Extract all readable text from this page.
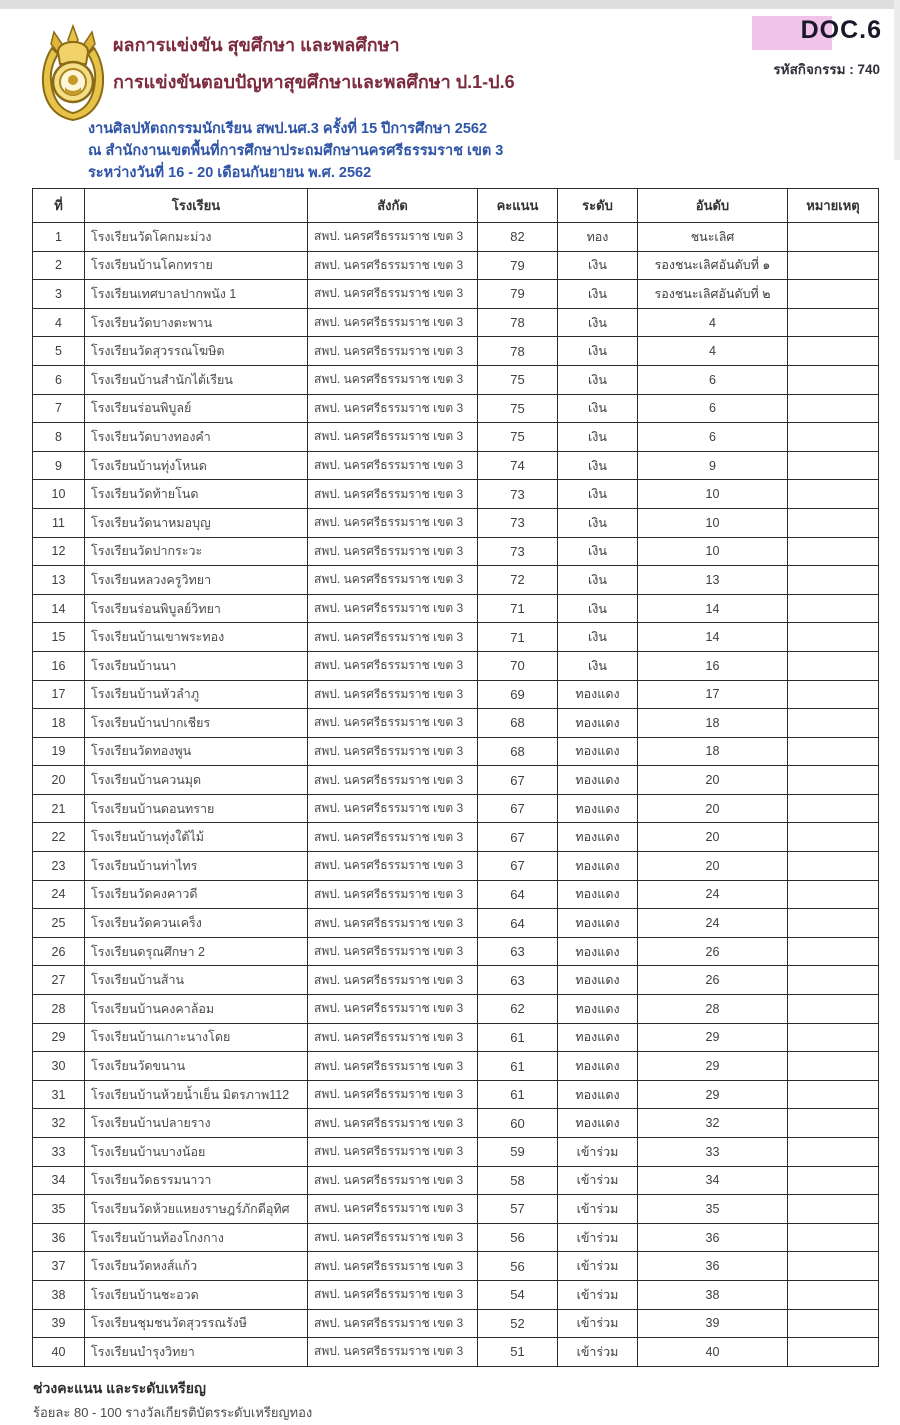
ผลการแข่งขัน สุขศึกษา และพลศึกษา

การแข่งขันตอบปัญหาสุขศึกษาและพลศึกษา ป.1-ป.6

งานศิลปหัตถกรรมนักเรียน สพป.นศ.3 ครั้งที่ 15 ปีการศึกษา 2562
ณ สำนักงานเขตพื้นที่การศึกษาประถมศึกษานครศรีธรรมราช เขต 3
ระหว่างวันที่ 16 - 20 เดือนกันยายน พ.ศ. 2562
DOC.6
รหัสกิจกรรม : 740
ที่	โรงเรียน	สังกัด	คะแนน	ระดับ	อันดับ	หมายเหตุ
1	โรงเรียนวัดโคกมะม่วง	สพป. นครศรีธรรมราช เขต 3	82	ทอง	ชนะเลิศ	
2	โรงเรียนบ้านโคกทราย	สพป. นครศรีธรรมราช เขต 3	79	เงิน	รองชนะเลิศอันดับที่ ๑	
3	โรงเรียนเทศบาลปากพนัง 1	สพป. นครศรีธรรมราช เขต 3	79	เงิน	รองชนะเลิศอันดับที่ ๒	
4	โรงเรียนวัดบางตะพาน	สพป. นครศรีธรรมราช เขต 3	78	เงิน	4	
5	โรงเรียนวัดสุวรรณโฆษิต	สพป. นครศรีธรรมราช เขต 3	78	เงิน	4	
6	โรงเรียนบ้านสำนักไต้เรียน	สพป. นครศรีธรรมราช เขต 3	75	เงิน	6	
7	โรงเรียนร่อนพิบูลย์	สพป. นครศรีธรรมราช เขต 3	75	เงิน	6	
8	โรงเรียนวัดบางทองคำ	สพป. นครศรีธรรมราช เขต 3	75	เงิน	6	
9	โรงเรียนบ้านทุ่งโหนด	สพป. นครศรีธรรมราช เขต 3	74	เงิน	9	
10	โรงเรียนวัดท้ายโนด	สพป. นครศรีธรรมราช เขต 3	73	เงิน	10	
11	โรงเรียนวัดนาหมอบุญ	สพป. นครศรีธรรมราช เขต 3	73	เงิน	10	
12	โรงเรียนวัดปากระวะ	สพป. นครศรีธรรมราช เขต 3	73	เงิน	10	
13	โรงเรียนหลวงครูวิทยา	สพป. นครศรีธรรมราช เขต 3	72	เงิน	13	
14	โรงเรียนร่อนพิบูลย์วิทยา	สพป. นครศรีธรรมราช เขต 3	71	เงิน	14	
15	โรงเรียนบ้านเขาพระทอง	สพป. นครศรีธรรมราช เขต 3	71	เงิน	14	
16	โรงเรียนบ้านนา	สพป. นครศรีธรรมราช เขต 3	70	เงิน	16	
17	โรงเรียนบ้านหัวลำภู	สพป. นครศรีธรรมราช เขต 3	69	ทองแดง	17	
18	โรงเรียนบ้านปากเชียร	สพป. นครศรีธรรมราช เขต 3	68	ทองแดง	18	
19	โรงเรียนวัดทองพูน	สพป. นครศรีธรรมราช เขต 3	68	ทองแดง	18	
20	โรงเรียนบ้านควนมุด	สพป. นครศรีธรรมราช เขต 3	67	ทองแดง	20	
21	โรงเรียนบ้านดอนทราย	สพป. นครศรีธรรมราช เขต 3	67	ทองแดง	20	
22	โรงเรียนบ้านทุ่งใต้ไม้	สพป. นครศรีธรรมราช เขต 3	67	ทองแดง	20	
23	โรงเรียนบ้านท่าไทร	สพป. นครศรีธรรมราช เขต 3	67	ทองแดง	20	
24	โรงเรียนวัดคงคาวดี	สพป. นครศรีธรรมราช เขต 3	64	ทองแดง	24	
25	โรงเรียนวัดควนเคร็ง	สพป. นครศรีธรรมราช เขต 3	64	ทองแดง	24	
26	โรงเรียนดรุณศึกษา 2	สพป. นครศรีธรรมราช เขต 3	63	ทองแดง	26	
27	โรงเรียนบ้านส้าน	สพป. นครศรีธรรมราช เขต 3	63	ทองแดง	26	
28	โรงเรียนบ้านคงคาล้อม	สพป. นครศรีธรรมราช เขต 3	62	ทองแดง	28	
29	โรงเรียนบ้านเกาะนางโดย	สพป. นครศรีธรรมราช เขต 3	61	ทองแดง	29	
30	โรงเรียนวัดขนาน	สพป. นครศรีธรรมราช เขต 3	61	ทองแดง	29	
31	โรงเรียนบ้านห้วยน้ำเย็น มิตรภาพ112	สพป. นครศรีธรรมราช เขต 3	61	ทองแดง	29	
32	โรงเรียนบ้านปลายราง	สพป. นครศรีธรรมราช เขต 3	60	ทองแดง	32	
33	โรงเรียนบ้านบางน้อย	สพป. นครศรีธรรมราช เขต 3	59	เข้าร่วม	33	
34	โรงเรียนวัดธรรมนาวา	สพป. นครศรีธรรมราช เขต 3	58	เข้าร่วม	34	
35	โรงเรียนวัดห้วยแหยงราษฎร์ภักดีอุทิศ	สพป. นครศรีธรรมราช เขต 3	57	เข้าร่วม	35	
36	โรงเรียนบ้านท้องโกงกาง	สพป. นครศรีธรรมราช เขต 3	56	เข้าร่วม	36	
37	โรงเรียนวัดหงส์แก้ว	สพป. นครศรีธรรมราช เขต 3	56	เข้าร่วม	36	
38	โรงเรียนบ้านชะอวด	สพป. นครศรีธรรมราช เขต 3	54	เข้าร่วม	38	
39	โรงเรียนชุมชนวัดสุวรรณรังษี	สพป. นครศรีธรรมราช เขต 3	52	เข้าร่วม	39	
40	โรงเรียนบำรุงวิทยา	สพป. นครศรีธรรมราช เขต 3	51	เข้าร่วม	40	

ช่วงคะแนน และระดับเหรียญ

ร้อยละ 80 - 100 รางวัลเกียรติบัตรระดับเหรียญทอง
